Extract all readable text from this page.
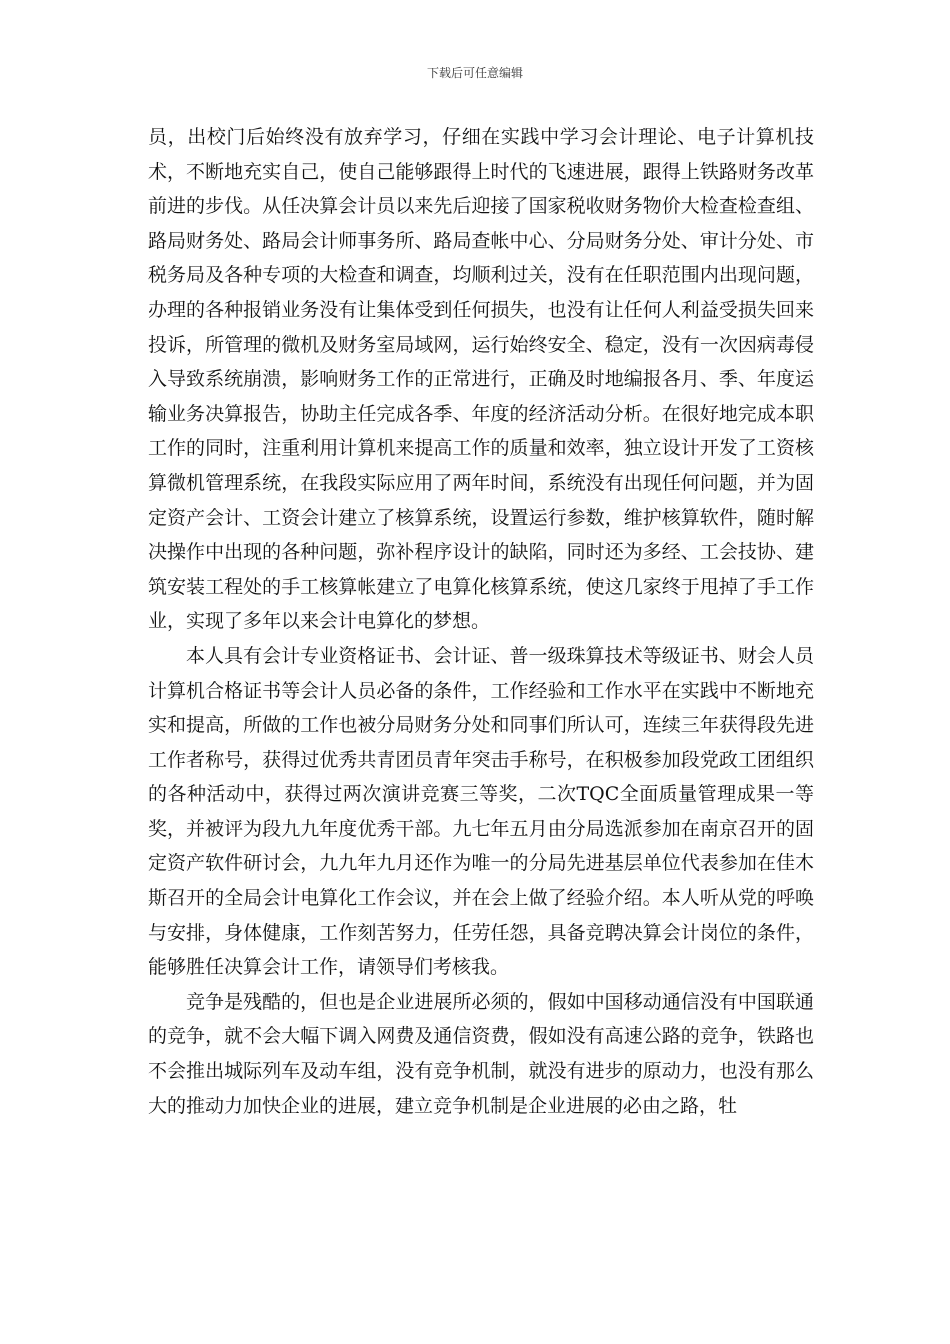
下载后可任意编辑

员，出校门后始终没有放弃学习，仔细在实践中学习会计理论、电子计算机技术，不断地充实自己，使自己能够跟得上时代的飞速进展，跟得上铁路财务改革前进的步伐。从任决算会计员以来先后迎接了国家税收财务物价大检查检查组、路局财务处、路局会计师事务所、路局查帐中心、分局财务分处、审计分处、市税务局及各种专项的大检查和调查，均顺利过关，没有在任职范围内出现问题，办理的各种报销业务没有让集体受到任何损失，也没有让任何人利益受损失回来投诉，所管理的微机及财务室局域网，运行始终安全、稳定，没有一次因病毒侵入导致系统崩溃，影响财务工作的正常进行，正确及时地编报各月、季、年度运输业务决算报告，协助主任完成各季、年度的经济活动分析。在很好地完成本职工作的同时，注重利用计算机来提高工作的质量和效率，独立设计开发了工资核算微机管理系统，在我段实际应用了两年时间，系统没有出现任何问题，并为固定资产会计、工资会计建立了核算系统，设置运行参数，维护核算软件，随时解决操作中出现的各种问题，弥补程序设计的缺陷，同时还为多经、工会技协、建筑安装工程处的手工核算帐建立了电算化核算系统，使这几家终于甩掉了手工作业，实现了多年以来会计电算化的梦想。

本人具有会计专业资格证书、会计证、普一级珠算技术等级证书、财会人员计算机合格证书等会计人员必备的条件，工作经验和工作水平在实践中不断地充实和提高，所做的工作也被分局财务分处和同事们所认可，连续三年获得段先进工作者称号，获得过优秀共青团员青年突击手称号，在积极参加段党政工团组织的各种活动中，获得过两次演讲竞赛三等奖，二次TQC全面质量管理成果一等奖，并被评为段九九年度优秀干部。九七年五月由分局选派参加在南京召开的固定资产软件研讨会，九九年九月还作为唯一的分局先进基层单位代表参加在佳木斯召开的全局会计电算化工作会议，并在会上做了经验介绍。本人听从党的呼唤与安排，身体健康，工作刻苦努力，任劳任怨，具备竞聘决算会计岗位的条件，能够胜任决算会计工作，请领导们考核我。

竞争是残酷的，但也是企业进展所必须的，假如中国移动通信没有中国联通的竞争，就不会大幅下调入网费及通信资费，假如没有高速公路的竞争，铁路也不会推出城际列车及动车组，没有竞争机制，就没有进步的原动力，也没有那么大的推动力加快企业的进展，建立竞争机制是企业进展的必由之路，牡
